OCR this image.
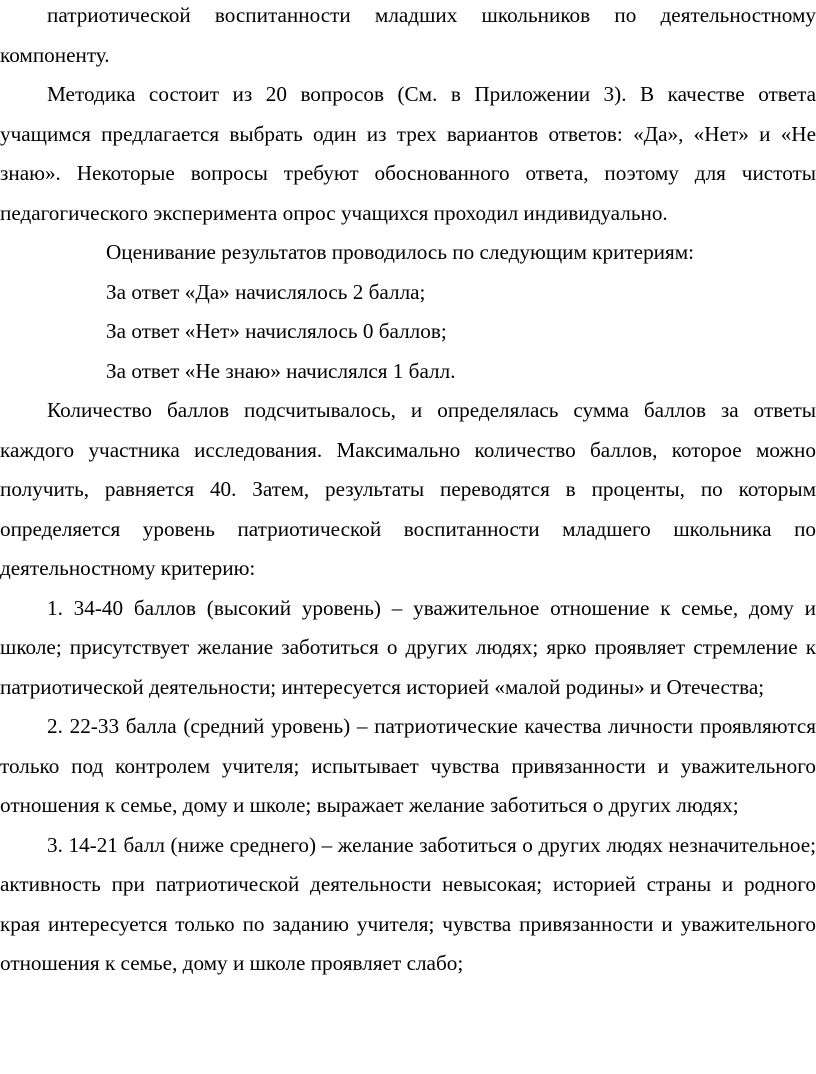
патриотической воспитанности младших школьников по деятельностному компоненту.

Методика состоит из 20 вопросов (См. в Приложении 3). В качестве ответа учащимся предлагается выбрать один из трех вариантов ответов: «Да», «Нет» и «Не знаю». Некоторые вопросы требуют обоснованного ответа, поэтому для чистоты педагогического эксперимента опрос учащихся проходил индивидуально.

Оценивание результатов проводилось по следующим критериям:

За ответ «Да» начислялось 2 балла;

За ответ «Нет» начислялось 0 баллов;

За ответ «Не знаю» начислялся 1 балл.

Количество баллов подсчитывалось, и определялась сумма баллов за ответы каждого участника исследования. Максимально количество баллов, которое можно получить, равняется 40. Затем, результаты переводятся в проценты, по которым определяется уровень патриотической воспитанности младшего школьника по деятельностному критерию:

1. 34-40 баллов (высокий уровень) – уважительное отношение к семье, дому и школе; присутствует желание заботиться о других людях; ярко проявляет стремление к патриотической деятельности; интересуется историей «малой родины» и Отечества;

2. 22-33 балла (средний уровень) – патриотические качества личности проявляются только под контролем учителя; испытывает чувства привязанности и уважительного отношения к семье, дому и школе; выражает желание заботиться о других людях;

3. 14-21 балл (ниже среднего) – желание заботиться о других людях незначительное; активность при патриотической деятельности невысокая; историей страны и родного края интересуется только по заданию учителя; чувства привязанности и уважительного отношения к семье, дому и школе проявляет слабо;
